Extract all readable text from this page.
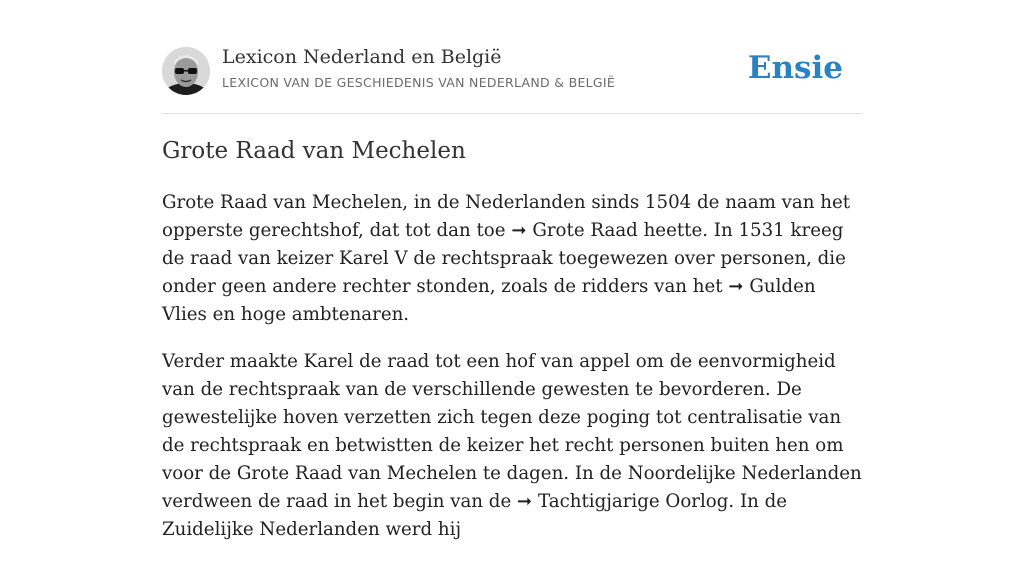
Lexicon Nederland en België
LEXICON VAN DE GESCHIEDENIS VAN NEDERLAND & BELGIË	Ensie
Grote Raad van Mechelen

Grote Raad van Mechelen, in de Nederlanden sinds 1504 de naam van het opperste gerechtshof, dat tot dan toe ➞ Grote Raad heette. In 1531 kreeg de raad van keizer Karel V de rechtspraak toegewezen over personen, die onder geen andere rechter stonden, zoals de ridders van het ➞ Gulden Vlies en hoge ambtenaren.

Verder maakte Karel de raad tot een hof van appel om de eenvormigheid van de rechtspraak van de verschillende gewesten te bevorderen. De gewestelijke hoven verzetten zich tegen deze poging tot centralisatie van de rechtspraak en betwistten de keizer het recht personen buiten hen om voor de Grote Raad van Mechelen te dagen. In de Noordelijke Nederlanden verdween de raad in het begin van de ➞ Tachtigjarige Oorlog. In de Zuidelijke Nederlanden werd hij
